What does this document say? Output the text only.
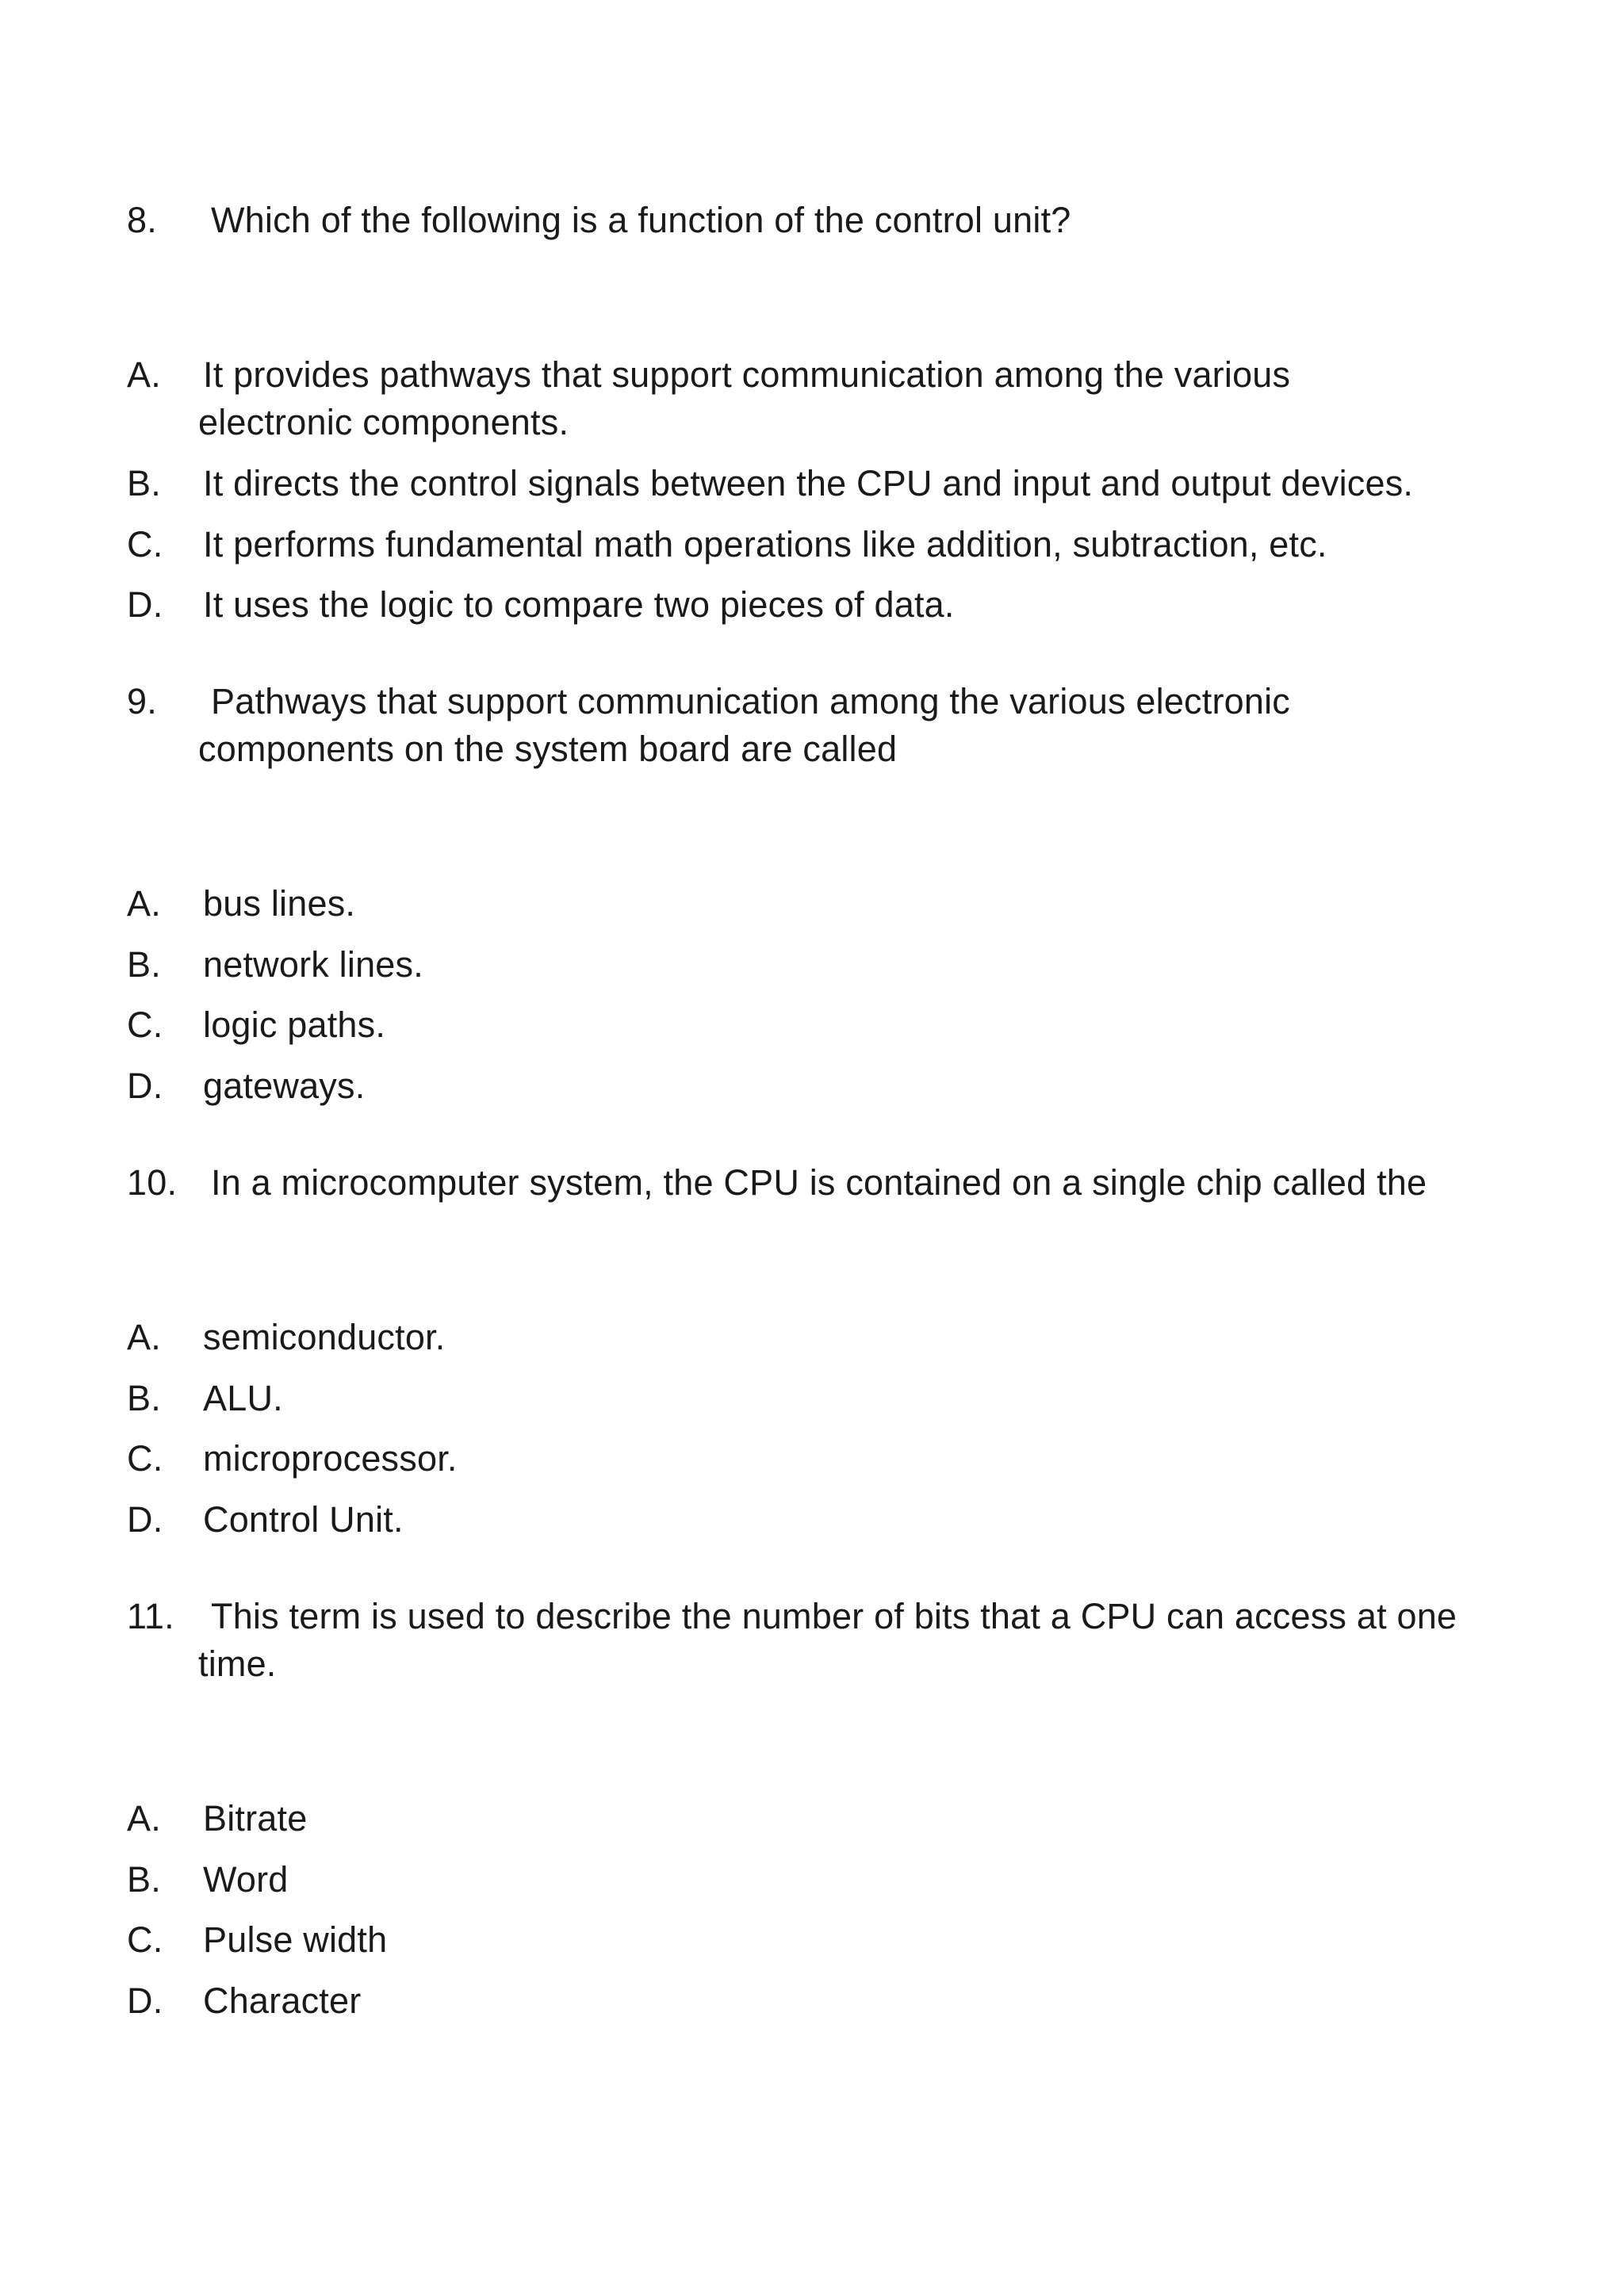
8. Which of the following is a function of the control unit?
A. It provides pathways that support communication among the various
electronic components.
B. It directs the control signals between the CPU and input and output devices.
C. It performs fundamental math operations like addition, subtraction, etc.
D. It uses the logic to compare two pieces of data.
9. Pathways that support communication among the various electronic
components on the system board are called
A. bus lines.
B. network lines.
C. logic paths.
D. gateways.
10. In a microcomputer system, the CPU is contained on a single chip called the
A. semiconductor.
B. ALU.
C. microprocessor.
D. Control Unit.
11. This term is used to describe the number of bits that a CPU can access at one
time.
A. Bitrate
B. Word
C. Pulse width
D. Character
